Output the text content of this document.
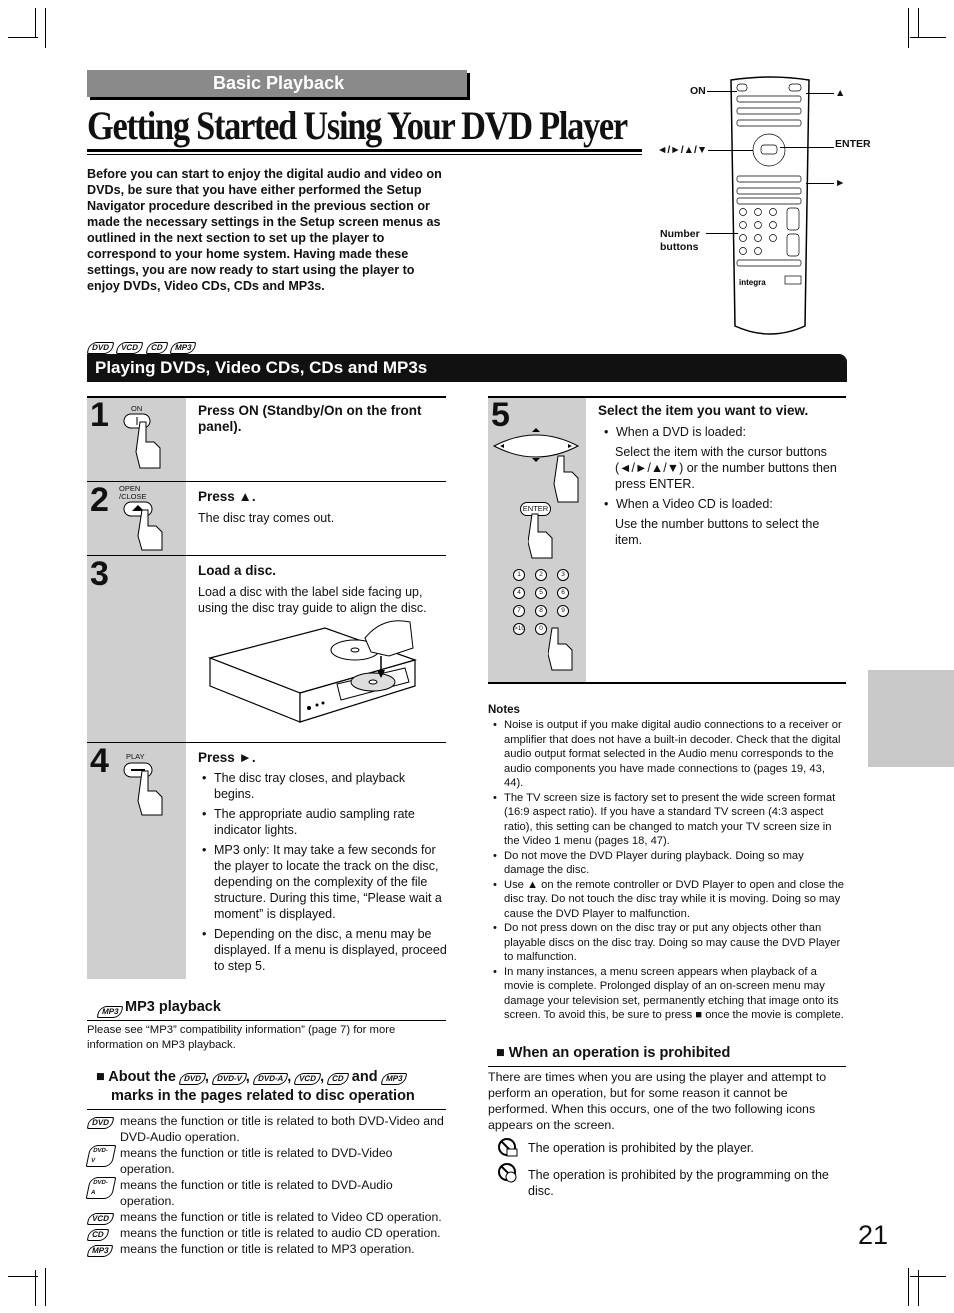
Basic Playback
Getting Started Using Your DVD Player
Before you can start to enjoy the digital audio and video on DVDs, be sure that you have either performed the Setup Navigator procedure described in the previous section or made the necessary settings in the Setup screen menus as outlined in the next section to set up the player to correspond to your home system. Having made these settings, you are now ready to start using the player to enjoy DVDs, Video CDs, CDs and MP3s.	integra
ON	▲
◄/►/▲/▼	ENTER
►
Number buttons
DVD VCD CD MP3
Playing DVDs, Video CDs, CDs and MP3s
1	ON	Press ON (Standby/On on the front panel).
2 OPEN
/CLOSE	Press ▲.
The disc tray comes out.
3	Load a disc.
Load a disc with the label side facing up, using the disc tray guide to align the disc.
4 PLAY	Press ►.
• The disc tray closes, and playback begins.
• The appropriate audio sampling rate indicator lights.
• MP3 only: It may take a few seconds for the player to locate the track on the disc, depending on the complexity of the file structure. During this time, “Please wait a moment” is displayed.
• Depending on the disc, a menu may be displayed. If a menu is displayed, proceed to step 5.
5
ENTER
1	2	3
4	5	6
7	8	9
>10	0
Select the item you want to view.
• When a DVD is loaded:
Select the item with the cursor buttons (◄/►/▲/▼) or the number buttons then press ENTER.
• When a Video CD is loaded:
Use the number buttons to select the item.
Notes
• Noise is output if you make digital audio connections to a receiver or amplifier that does not have a built-in decoder. Check that the digital audio output format selected in the Audio menu corresponds to the audio components you have made connections to (pages 19, 43, 44).
• The TV screen size is factory set to present the wide screen format (16:9 aspect ratio). If you have a standard TV screen (4:3 aspect ratio), this setting can be changed to match your TV screen size in the Video 1 menu (pages 18, 47).
• Do not move the DVD Player during playback. Doing so may damage the disc.
• Use ▲ on the remote controller or DVD Player to open and close the disc tray. Do not touch the disc tray while it is moving. Doing so may cause the DVD Player to malfunction.
• Do not press down on the disc tray or put any objects other than playable discs on the disc tray. Doing so may cause the DVD Player to malfunction.
• In many instances, a menu screen appears when playback of a movie is complete. Prolonged display of an on-screen menu may damage your television set, permanently etching that image onto its screen. To avoid this, be sure to press ■ once the movie is complete.
■ When an operation is prohibited
There are times when you are using the player and attempt to perform an operation, but for some reason it cannot be performed. When this occurs, one of the two following icons appears on the screen.
The operation is prohibited by the player.
The operation is prohibited by the programming on the disc.
MP3 MP3 playback
Please see “MP3” compatibility information” (page 7) for more information on MP3 playback.
■ About the DVD , DVD-V , DVD-A , VCD , CD and MP3
marks in the pages related to disc operation
DVD means the function or title is related to both DVD-Video and DVD-Audio operation.
DVD-V
means the function or title is related to DVD-Video operation.
DVD-A
means the function or title is related to DVD-Audio operation.
VCD means the function or title is related to Video CD operation.
CD	means the function or title is related to audio CD operation.
MP3 means the function or title is related to MP3 operation.	21
